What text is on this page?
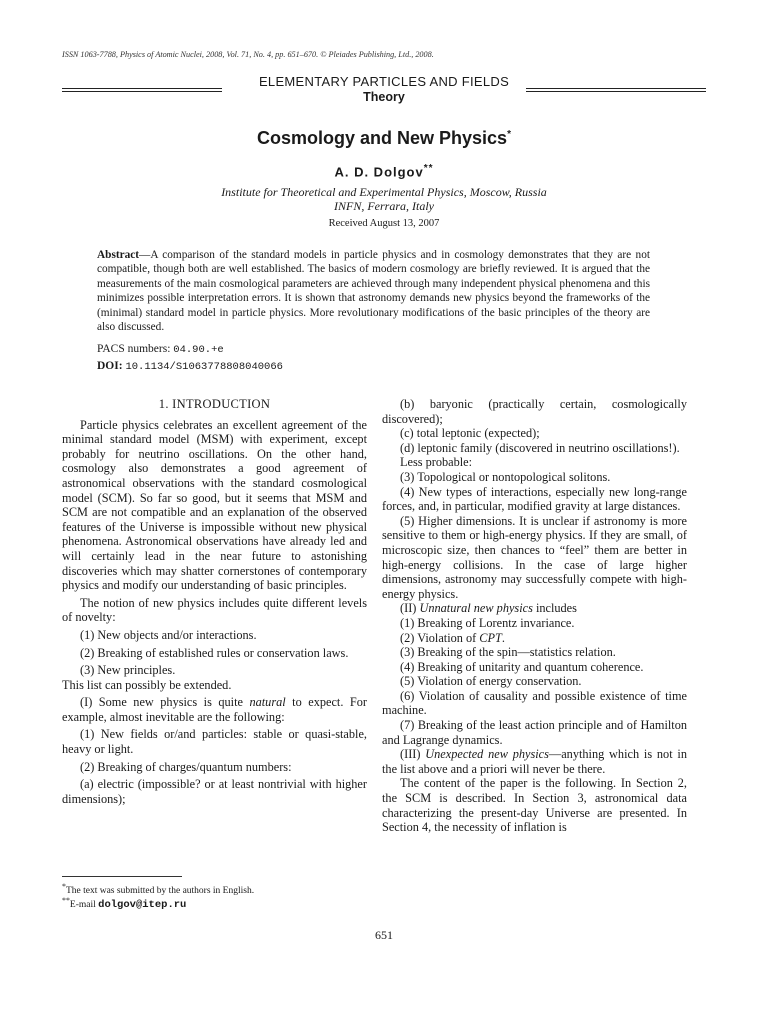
ISSN 1063-7788, Physics of Atomic Nuclei, 2008, Vol. 71, No. 4, pp. 651–670. © Pleiades Publishing, Ltd., 2008.
ELEMENTARY PARTICLES AND FIELDS
Theory
Cosmology and New Physics*
A. D. Dolgov**
Institute for Theoretical and Experimental Physics, Moscow, Russia
INFN, Ferrara, Italy
Received August 13, 2007
Abstract—A comparison of the standard models in particle physics and in cosmology demonstrates that they are not compatible, though both are well established. The basics of modern cosmology are briefly reviewed. It is argued that the measurements of the main cosmological parameters are achieved through many independent physical phenomena and this minimizes possible interpretation errors. It is shown that astronomy demands new physics beyond the frameworks of the (minimal) standard model in particle physics. More revolutionary modifications of the basic principles of the theory are also discussed.
PACS numbers: 04.90.+e
DOI: 10.1134/S1063778808040066

1. INTRODUCTION

Particle physics celebrates an excellent agreement of the minimal standard model (MSM) with experiment, except probably for neutrino oscillations. On the other hand, cosmology also demonstrates a good agreement of astronomical observations with the standard cosmological model (SCM). So far so good, but it seems that MSM and SCM are not compatible and an explanation of the observed features of the Universe is impossible without new physical phenomena. Astronomical observations have already led and will certainly lead in the near future to astonishing discoveries which may shatter cornerstones of contemporary physics and modify our understanding of basic principles.

The notion of new physics includes quite different levels of novelty:

(1) New objects and/or interactions.

(2) Breaking of established rules or conservation laws.

(3) New principles.

This list can possibly be extended.

(I) Some new physics is quite natural to expect. For example, almost inevitable are the following:

(1) New fields or/and particles: stable or quasi-stable, heavy or light.

(2) Breaking of charges/quantum numbers:

(a) electric (impossible? or at least nontrivial with higher dimensions);

(b) baryonic (practically certain, cosmologically discovered);

(c) total leptonic (expected);

(d) leptonic family (discovered in neutrino oscillations!).

Less probable:

(3) Topological or nontopological solitons.

(4) New types of interactions, especially new long-range forces, and, in particular, modified gravity at large distances.

(5) Higher dimensions. It is unclear if astronomy is more sensitive to them or high-energy physics. If they are small, of microscopic size, then chances to “feel” them are better in high-energy collisions. In the case of large higher dimensions, astronomy may successfully compete with high-energy physics.

(II) Unnatural new physics includes

(1) Breaking of Lorentz invariance.

(2) Violation of CPT.

(3) Breaking of the spin—statistics relation.

(4) Breaking of unitarity and quantum coherence.

(5) Violation of energy conservation.

(6) Violation of causality and possible existence of time machine.

(7) Breaking of the least action principle and of Hamilton and Lagrange dynamics.

(III) Unexpected new physics—anything which is not in the list above and a priori will never be there.

The content of the paper is the following. In Section 2, the SCM is described. In Section 3, astronomical data characterizing the present-day Universe are presented. In Section 4, the necessity of inflation is

*The text was submitted by the authors in English.
**E-mail dolgov@itep.ru
651
